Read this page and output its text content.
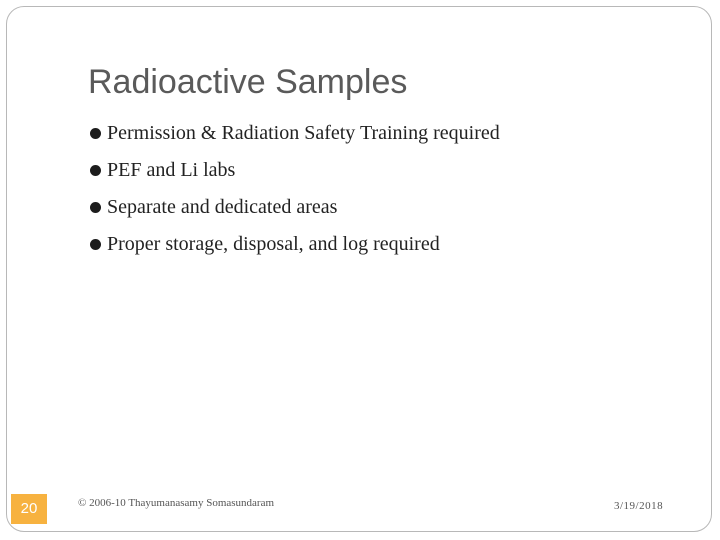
Radioactive Samples
Permission & Radiation Safety Training required
PEF and Li labs
Separate and dedicated areas
Proper storage, disposal, and log required
20	© 2006-10 Thayumanasamy Somasundaram	3/19/2018
